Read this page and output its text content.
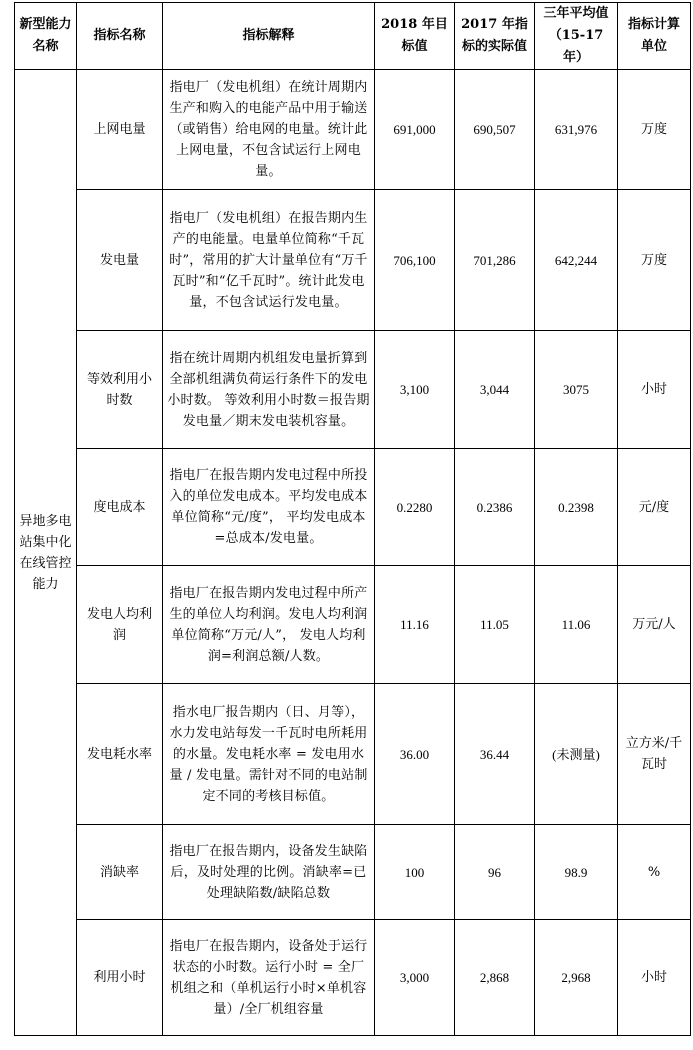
新型能力名称	指标名称	指标解释	2018 年目标值	2017 年指标的实际值	三年平均值（15-17 年）	指标计算单位
异地多电站集中化在线管控能力	上网电量	指电厂（发电机组）在统计周期内生产和购入的电能产品中用于输送（或销售）给电网的电量。统计此上网电量，不包含试运行上网电量。	691,000	690,507	631,976	万度
	发电量	指电厂（发电机组）在报告期内生产的电能量。电量单位简称“千瓦时”，常用的扩大计量单位有“万千瓦时”和“亿千瓦时”。统计此发电量，不包含试运行发电量。	706,100	701,286	642,244	万度
	等效利用小时数	指在统计周期内机组发电量折算到全部机组满负荷运行条件下的发电小时数。 等效利用小时数＝报告期发电量／期末发电装机容量。	3,100	3,044	3075	小时
	度电成本	指电厂在报告期内发电过程中所投入的单位发电成本。平均发电成本单位简称“元/度”， 平均发电成本=总成本/发电量。	0.2280	0.2386	0.2398	元/度
	发电人均利润	指电厂在报告期内发电过程中所产生的单位人均利润。发电人均利润单位简称“万元/人”， 发电人均利润=利润总额/人数。	11.16	11.05	11.06	万元/人
	发电耗水率	指水电厂报告期内（日、月等），水力发电站每发一千瓦时电所耗用的水量。发电耗水率 = 发电用水量 / 发电量。需针对不同的电站制定不同的考核目标值。	36.00	36.44	(未测量)	立方米/千瓦时
	消缺率	指电厂在报告期内，设备发生缺陷后，及时处理的比例。消缺率=已处理缺陷数/缺陷总数	100	96	98.9	%
	利用小时	指电厂在报告期内，设备处于运行状态的小时数。运行小时 = 全厂机组之和（单机运行小时×单机容量）/全厂机组容量	3,000	2,868	2,968	小时
